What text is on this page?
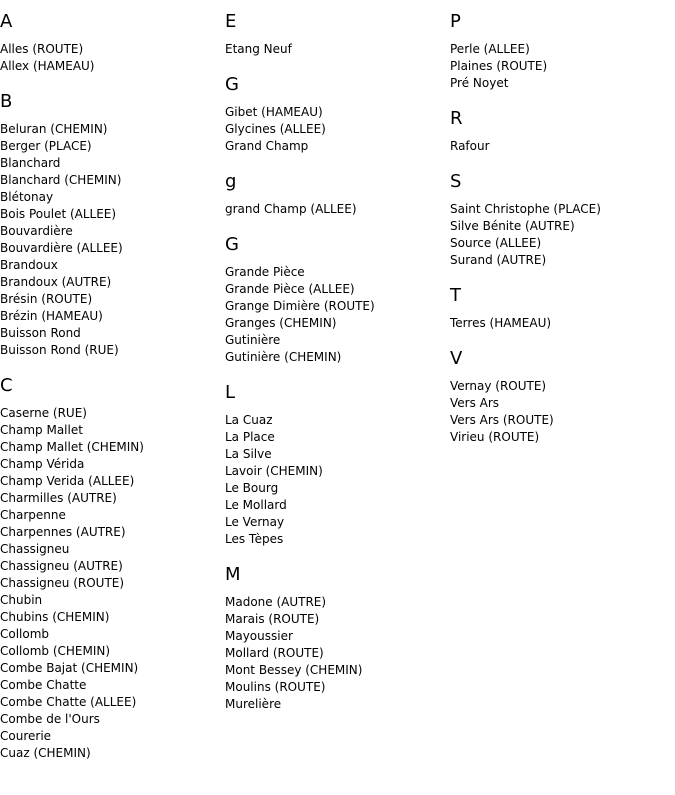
A
Alles (ROUTE)
Allex (HAMEAU)
B
Beluran (CHEMIN)
Berger (PLACE)
Blanchard
Blanchard (CHEMIN)
Blétonay
Bois Poulet (ALLEE)
Bouvardière
Bouvardière (ALLEE)
Brandoux
Brandoux (AUTRE)
Brésin (ROUTE)
Brézin (HAMEAU)
Buisson Rond
Buisson Rond (RUE)
C
Caserne (RUE)
Champ Mallet
Champ Mallet (CHEMIN)
Champ Vérida
Champ Verida (ALLEE)
Charmilles (AUTRE)
Charpenne
Charpennes (AUTRE)
Chassigneu
Chassigneu (AUTRE)
Chassigneu (ROUTE)
Chubin
Chubins (CHEMIN)
Collomb
Collomb (CHEMIN)
Combe Bajat (CHEMIN)
Combe Chatte
Combe Chatte (ALLEE)
Combe de l'Ours
Courerie
Cuaz (CHEMIN)
E
Etang Neuf
G
Gibet (HAMEAU)
Glycines (ALLEE)
Grand Champ
g
grand Champ (ALLEE)
G
Grande Pièce
Grande Pièce (ALLEE)
Grange Dimière (ROUTE)
Granges (CHEMIN)
Gutinière
Gutinière (CHEMIN)
L
La Cuaz
La Place
La Silve
Lavoir (CHEMIN)
Le Bourg
Le Mollard
Le Vernay
Les Tèpes
M
Madone (AUTRE)
Marais (ROUTE)
Mayoussier
Mollard (ROUTE)
Mont Bessey (CHEMIN)
Moulins (ROUTE)
Murelière
P
Perle (ALLEE)
Plaines (ROUTE)
Pré Noyet
R
Rafour
S
Saint Christophe (PLACE)
Silve Bénite (AUTRE)
Source (ALLEE)
Surand (AUTRE)
T
Terres (HAMEAU)
V
Vernay (ROUTE)
Vers Ars
Vers Ars (ROUTE)
Virieu (ROUTE)
